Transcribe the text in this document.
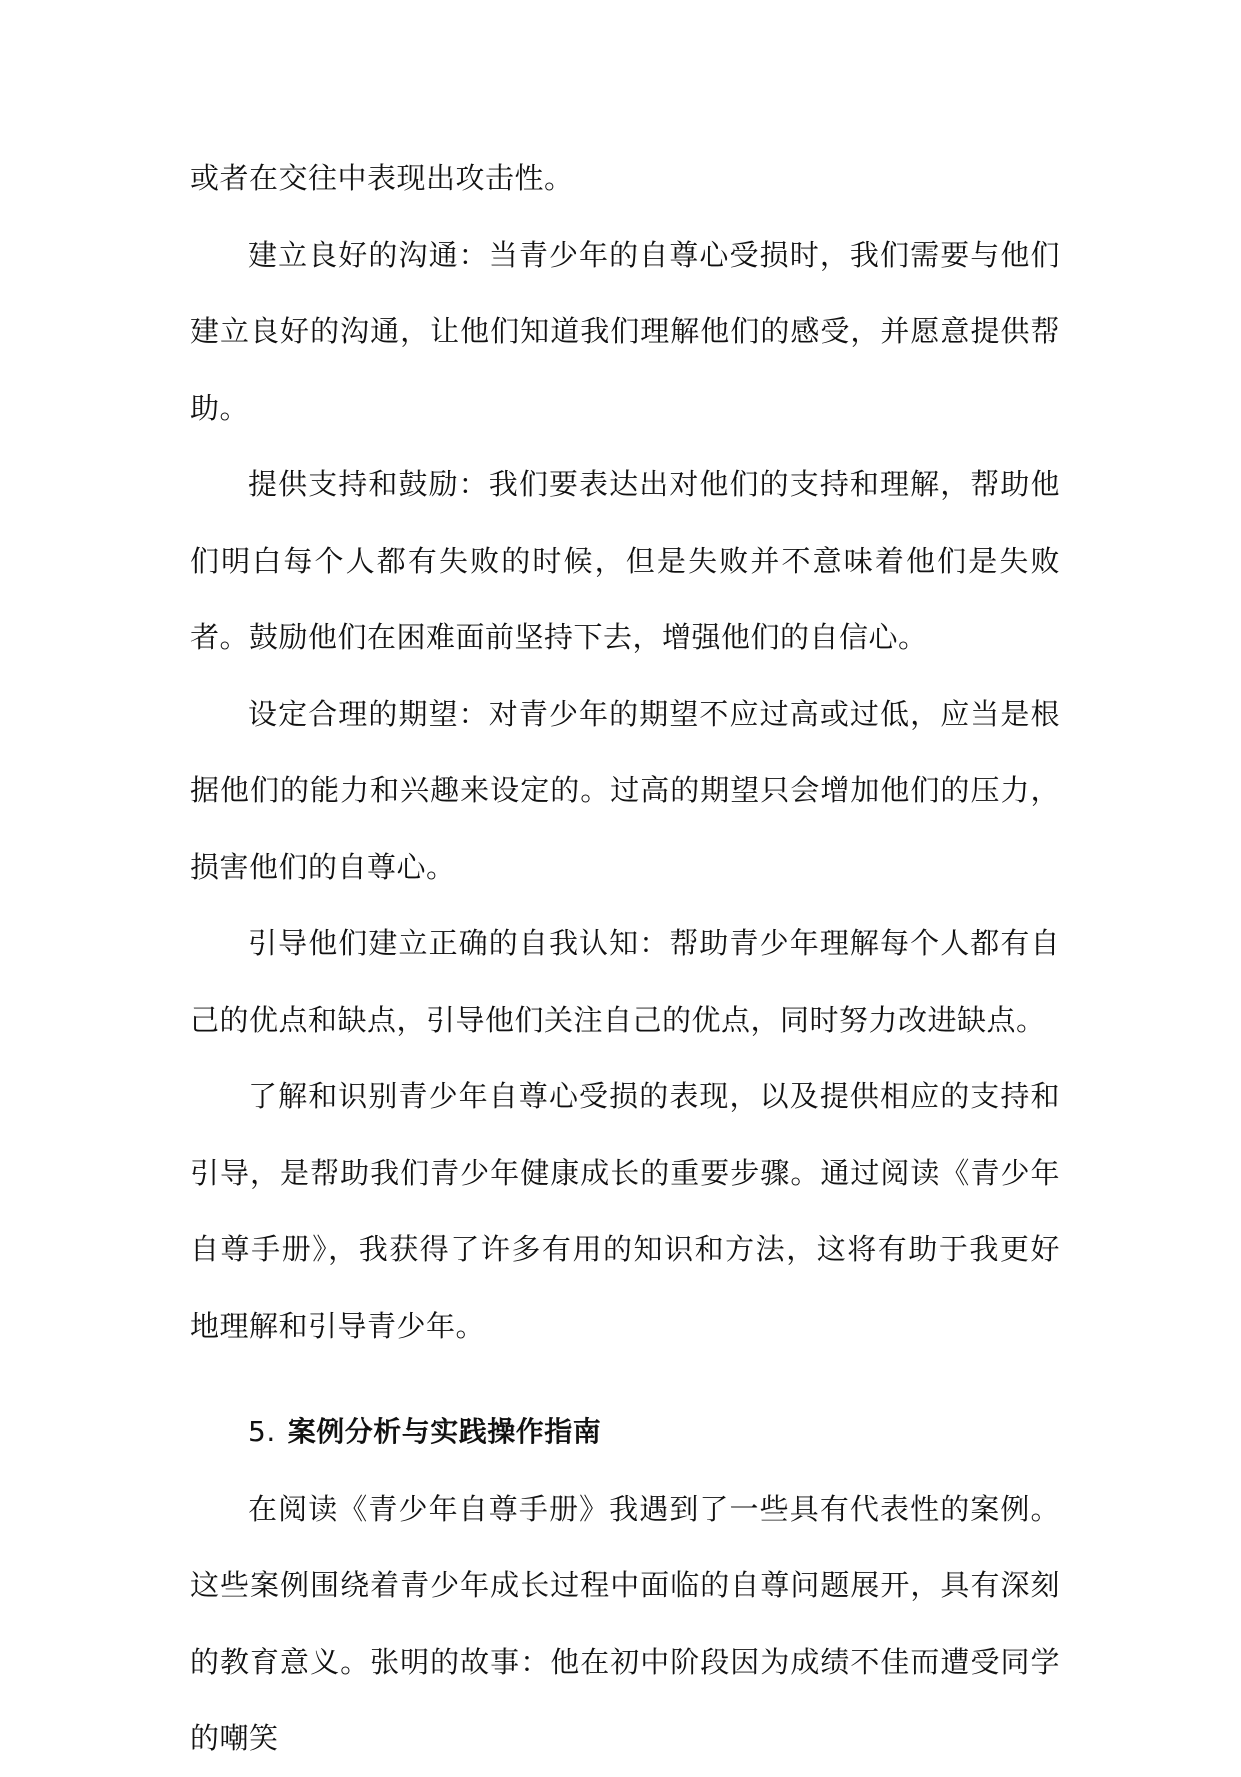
或者在交往中表现出攻击性。

建立良好的沟通：当青少年的自尊心受损时，我们需要与他们建立良好的沟通，让他们知道我们理解他们的感受，并愿意提供帮助。

提供支持和鼓励：我们要表达出对他们的支持和理解，帮助他们明白每个人都有失败的时候，但是失败并不意味着他们是失败者。鼓励他们在困难面前坚持下去，增强他们的自信心。

设定合理的期望：对青少年的期望不应过高或过低，应当是根据他们的能力和兴趣来设定的。过高的期望只会增加他们的压力，损害他们的自尊心。

引导他们建立正确的自我认知：帮助青少年理解每个人都有自己的优点和缺点，引导他们关注自己的优点，同时努力改进缺点。

了解和识别青少年自尊心受损的表现，以及提供相应的支持和引导，是帮助我们青少年健康成长的重要步骤。通过阅读《青少年自尊手册》，我获得了许多有用的知识和方法，这将有助于我更好地理解和引导青少年。

5. 案例分析与实践操作指南

在阅读《青少年自尊手册》我遇到了一些具有代表性的案例。这些案例围绕着青少年成长过程中面临的自尊问题展开，具有深刻的教育意义。张明的故事：他在初中阶段因为成绩不佳而遭受同学的嘲笑
